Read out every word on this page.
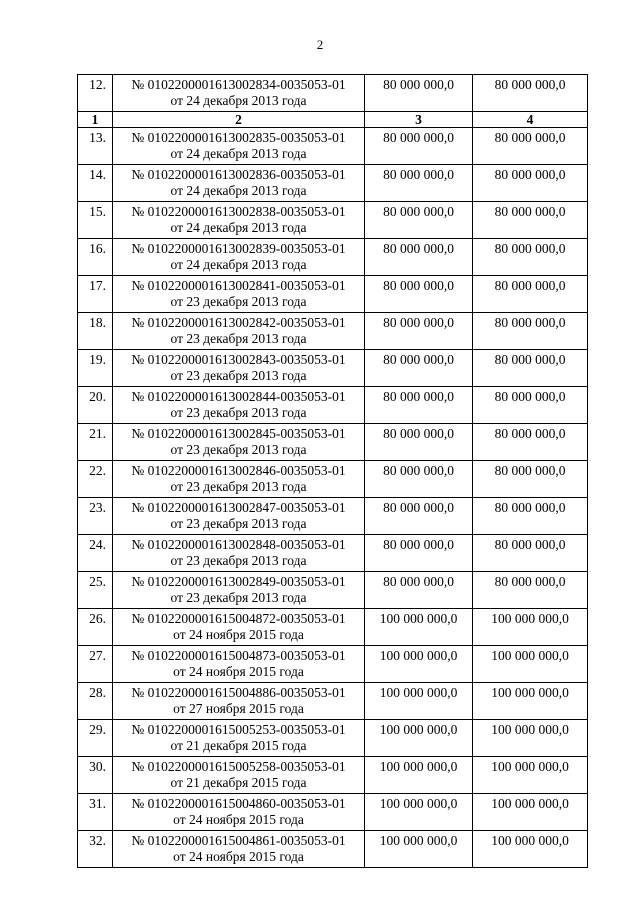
2
12.	№ 0102200001613002834-0035053-01
от 24 декабря 2013 года	80 000 000,0	80 000 000,0
1	2	3	4
13.	№ 0102200001613002835-0035053-01
от 24 декабря 2013 года	80 000 000,0	80 000 000,0
14.	№ 0102200001613002836-0035053-01
от 24 декабря 2013 года	80 000 000,0	80 000 000,0
15.	№ 0102200001613002838-0035053-01
от 24 декабря 2013 года	80 000 000,0	80 000 000,0
16.	№ 0102200001613002839-0035053-01
от 24 декабря 2013 года	80 000 000,0	80 000 000,0
17.	№ 0102200001613002841-0035053-01
от 23 декабря 2013 года	80 000 000,0	80 000 000,0
18.	№ 0102200001613002842-0035053-01
от 23 декабря 2013 года	80 000 000,0	80 000 000,0
19.	№ 0102200001613002843-0035053-01
от 23 декабря 2013 года	80 000 000,0	80 000 000,0
20.	№ 0102200001613002844-0035053-01
от 23 декабря 2013 года	80 000 000,0	80 000 000,0
21.	№ 0102200001613002845-0035053-01
от 23 декабря 2013 года	80 000 000,0	80 000 000,0
22.	№ 0102200001613002846-0035053-01
от 23 декабря 2013 года	80 000 000,0	80 000 000,0
23.	№ 0102200001613002847-0035053-01
от 23 декабря 2013 года	80 000 000,0	80 000 000,0
24.	№ 0102200001613002848-0035053-01
от 23 декабря 2013 года	80 000 000,0	80 000 000,0
25.	№ 0102200001613002849-0035053-01
от 23 декабря 2013 года	80 000 000,0	80 000 000,0
26.	№ 0102200001615004872-0035053-01
от 24 ноября 2015 года	100 000 000,0	100 000 000,0
27.	№ 0102200001615004873-0035053-01
от 24 ноября 2015 года	100 000 000,0	100 000 000,0
28.	№ 0102200001615004886-0035053-01
от 27 ноября 2015 года	100 000 000,0	100 000 000,0
29.	№ 0102200001615005253-0035053-01
от 21 декабря 2015 года	100 000 000,0	100 000 000,0
30.	№ 0102200001615005258-0035053-01
от 21 декабря 2015 года	100 000 000,0	100 000 000,0
31.	№ 0102200001615004860-0035053-01
от 24 ноября 2015 года	100 000 000,0	100 000 000,0
32.	№ 0102200001615004861-0035053-01
от 24 ноября 2015 года	100 000 000,0	100 000 000,0
